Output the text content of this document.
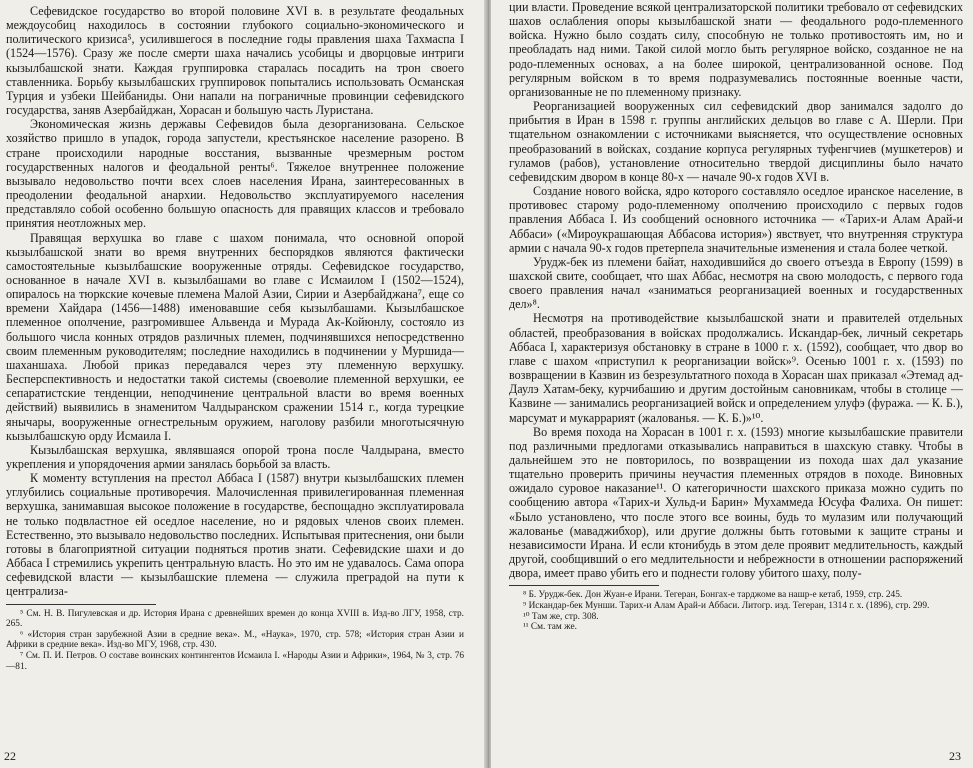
Сефевидское государство во второй половине XVI в. в результате феодальных междоусобиц находилось в состоянии глубокого социально-экономического и политического кризиса⁵, усилившегося в последние годы правления шаха Тахмаспа I (1524—1576). Сразу же после смерти шаха начались усобицы и дворцовые интриги кызылбашской знати. Каждая группировка старалась посадить на трон своего ставленника. Борьбу кызылбашских группировок попытались использовать Османская Турция и узбеки Шейбаниды. Они напали на пограничные провинции сефевидского государства, заняв Азербайджан, Хорасан и большую часть Луристана.

Экономическая жизнь державы Сефевидов была дезорганизована. Сельское хозяйство пришло в упадок, города запустели, крестьянское население разорено. В стране происходили народные восстания, вызванные чрезмерным ростом государственных налогов и феодальной ренты⁶. Тяжелое внутреннее положение вызывало недовольство почти всех слоев населения Ирана, заинтересованных в преодолении феодальной анархии. Недовольство эксплуатируемого населения представляло собой особенно большую опасность для правящих классов и требовало принятия неотложных мер.

Правящая верхушка во главе с шахом понимала, что основной опорой кызылбашской знати во время внутренних беспорядков являются фактически самостоятельные кызылбашские вооруженные отряды. Сефевидское государство, основанное в начале XVI в. кызылбашами во главе с Исмаилом I (1502—1524), опиралось на тюркские кочевые племена Малой Азии, Сирии и Азербайджана⁷, еще со времени Хайдара (1456—1488) именовавшие себя кызылбашами. Кызылбашское племенное ополчение, разгромившее Альвенда и Мурада Ак-Койюнлу, состояло из большого числа конных отрядов различных племен, подчинявшихся непосредственно своим племенным руководителям; последние находились в подчинении у Муршида—шаханшаха. Любой приказ передавался через эту племенную верхушку. Бесперспективность и недостатки такой системы (своеволие племенной верхушки, ее сепаратистские тенденции, неподчинение центральной власти во время военных действий) выявились в знаменитом Чалдыранском сражении 1514 г., когда турецкие янычары, вооруженные огнестрельным оружием, наголову разбили многотысячную кызылбашскую орду Исмаила I.

Кызылбашская верхушка, являвшаяся опорой трона после Чалдырана, вместо укрепления и упорядочения армии занялась борьбой за власть.

К моменту вступления на престол Аббаса I (1587) внутри кызылбашских племен углубились социальные противоречия. Малочисленная привилегированная племенная верхушка, занимавшая высокое положение в государстве, беспощадно эксплуатировала не только подвластное ей оседлое население, но и рядовых членов своих племен. Естественно, это вызывало недовольство последних. Испытывая притеснения, они были готовы в благоприятной ситуации подняться против знати. Сефевидские шахи и до Аббаса I стремились укрепить центральную власть. Но это им не удавалось. Сама опора сефевидской власти — кызылбашские племена — служила преградой на пути к централиза-

⁵ См. Н. В. Пигулевская и др. История Ирана с древнейших времен до конца XVIII в. Изд-во ЛГУ, 1958, стр. 265.

⁶ «История стран зарубежной Азии в средние века». М., «Наука», 1970, стр. 578; «История стран Азии и Африки в средние века». Изд-во МГУ, 1968, стр. 430.

⁷ См. П. И. Петров. О составе воинских контингентов Исмаила I. «Народы Азии и Африки», 1964, № 3, стр. 76—81.

22

ции власти. Проведение всякой централизаторской политики требовало от сефевидских шахов ослабления опоры кызылбашской знати — феодального родо-племенного войска. Нужно было создать силу, способную не только противостоять им, но и преобладать над ними. Такой силой могло быть регулярное войско, созданное не на родо-племенных основах, а на более широкой, централизованной основе. Под регулярным войском в то время подразумевались постоянные военные части, организованные не по племенному признаку.

Реорганизацией вооруженных сил сефевидский двор занимался задолго до прибытия в Иран в 1598 г. группы английских дельцов во главе с А. Шерли. При тщательном ознакомлении с источниками выясняется, что осуществление основных преобразований в войсках, создание корпуса регулярных туфенгчиев (мушкетеров) и гуламов (рабов), установление относительно твердой дисциплины было начато сефевидским двором в конце 80-х — начале 90-х годов XVI в.

Создание нового войска, ядро которого составляло оседлое иранское население, в противовес старому родо-племенному ополчению происходило с первых годов правления Аббаса I. Из сообщений основного источника — «Тарих-и Алам Арай-и Аббаси» («Мироукрашающая Аббасова история») явствует, что внутренняя структура армии с начала 90-х годов претерпела значительные изменения и стала более четкой.

Урудж-бек из племени байат, находившийся до своего отъезда в Европу (1599) в шахской свите, сообщает, что шах Аббас, несмотря на свою молодость, с первого года своего правления начал «заниматься реорганизацией военных и государственных дел»⁸.

Несмотря на противодействие кызылбашской знати и правителей отдельных областей, преобразования в войсках продолжались. Искандар-бек, личный секретарь Аббаса I, характеризуя обстановку в стране в 1000 г. х. (1592), сообщает, что двор во главе с шахом «приступил к реорганизации войск»⁹. Осенью 1001 г. х. (1593) по возвращении в Казвин из безрезультатного похода в Хорасан шах приказал «Этемад ад-Даулэ Хатам-беку, курчибашию и другим достойным сановникам, чтобы в столице — Казвине — занимались реорганизацией войск и определением улуфэ (фуража. — К. Б.), марсумат и мукаррарият (жалованья. — К. Б.)»¹⁰.

Во время похода на Хорасан в 1001 г. х. (1593) многие кызылбашские правители под различными предлогами отказывались направиться в шахскую ставку. Чтобы в дальнейшем это не повторилось, по возвращении из похода шах дал указание тщательно проверить причины неучастия племенных отрядов в походе. Виновных ожидало суровое наказание¹¹. О категоричности шахского приказа можно судить по сообщению автора «Тарих-и Хульд-и Барин» Мухаммеда Юсуфа Фалиха. Он пишет: «Было установлено, что после этого все воины, будь то мулазим или получающий жалованье (маваджибхор), или другие должны быть готовыми к защите страны и независимости Ирана. И если ктонибудь в этом деле проявит медлительность, каждый другой, сообщивший о его медлительности и небрежности в отношении распоряжений двора, имеет право убить его и поднести голову убитого шаху, полу-

⁸ Б. Урудж-бек. Дон Жуан-е Ирани. Тегеран, Бонгах-е тарджоме ва нашр-е кетаб, 1959, стр. 245.

⁹ Искандар-бек Мунши. Тарих-и Алам Арай-и Аббаси. Литогр. изд. Тегеран, 1314 г. х. (1896), стр. 299.

¹⁰ Там же, стр. 308.

¹¹ См. там же.

23
